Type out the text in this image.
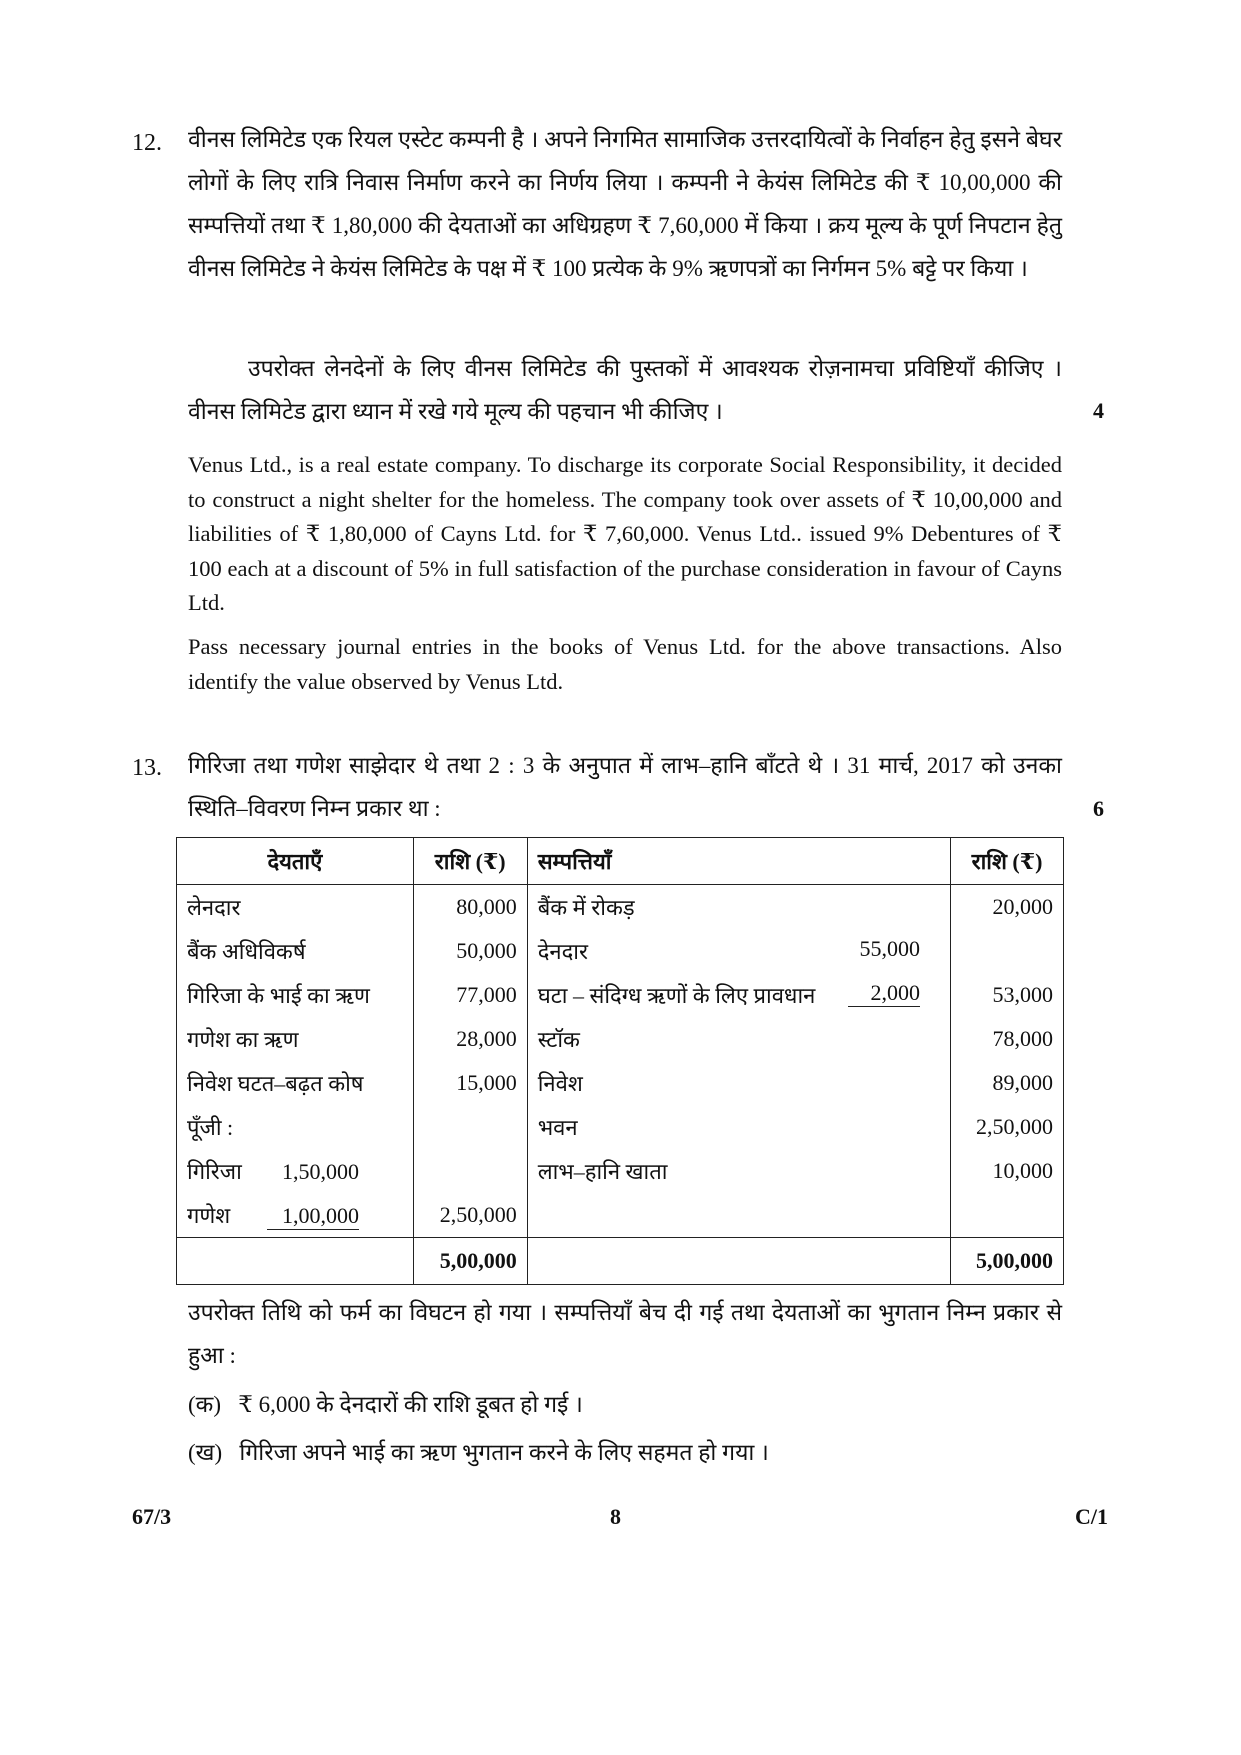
12. वीनस लिमिटेड एक रियल एस्टेट कम्पनी है । अपने निगमित सामाजिक उत्तरदायित्वों के निर्वाहन हेतु इसने बेघर लोगों के लिए रात्रि निवास निर्माण करने का निर्णय लिया । कम्पनी ने केयंस लिमिटेड की ₹ 10,00,000 की सम्पत्तियों तथा ₹ 1,80,000 की देयताओं का अधिग्रहण ₹ 7,60,000 में किया । क्रय मूल्य के पूर्ण निपटान हेतु वीनस लिमिटेड ने केयंस लिमिटेड के पक्ष में ₹ 100 प्रत्येक के 9% ऋणपत्रों का निर्गमन 5% बट्टे पर किया ।
उपरोक्त लेनदेनों के लिए वीनस लिमिटेड की पुस्तकों में आवश्यक रोज़नामचा प्रविष्टियाँ कीजिए । वीनस लिमिटेड द्वारा ध्यान में रखे गये मूल्य की पहचान भी कीजिए ।	4
Venus Ltd., is a real estate company. To discharge its corporate Social Responsibility, it decided to construct a night shelter for the homeless. The company took over assets of ₹ 10,00,000 and liabilities of ₹ 1,80,000 of Cayns Ltd. for ₹ 7,60,000. Venus Ltd.. issued 9% Debentures of ₹ 100 each at a discount of 5% in full satisfaction of the purchase consideration in favour of Cayns Ltd.
Pass necessary journal entries in the books of Venus Ltd. for the above transactions. Also identify the value observed by Venus Ltd.
13. गिरिजा तथा गणेश साझेदार थे तथा 2 : 3 के अनुपात में लाभ–हानि बाँटते थे । 31 मार्च, 2017 को उनका स्थिति–विवरण निम्न प्रकार था :	6
देयताएँ	राशि (₹)	सम्पत्तियाँ	राशि (₹)
लेनदार	80,000	बैंक में रोकड़	20,000
बैंक अधिविकर्ष	50,000	देनदार 55,000	

गिरिजा के भाई का ऋण	77,000	घटा – संदिग्ध ऋणों के लिए प्रावधान 2,000	53,000
गणेश का ऋण	28,000	स्टॉक	78,000
निवेश घटत–बढ़त कोष	15,000	निवेश	89,000
पूँजी :		भवन	2,50,000
गिरिजा 1,50,000		लाभ–हानि खाता	10,000
गणेश 1,00,000	2,50,000		
	5,00,000		5,00,000
उपरोक्त तिथि को फर्म का विघटन हो गया । सम्पत्तियाँ बेच दी गई तथा देयताओं का भुगतान निम्न प्रकार से हुआ :
(क) ₹ 6,000 के देनदारों की राशि डूबत हो गई ।
(ख) गिरिजा अपने भाई का ऋण भुगतान करने के लिए सहमत हो गया ।
67/3	8	C/1
